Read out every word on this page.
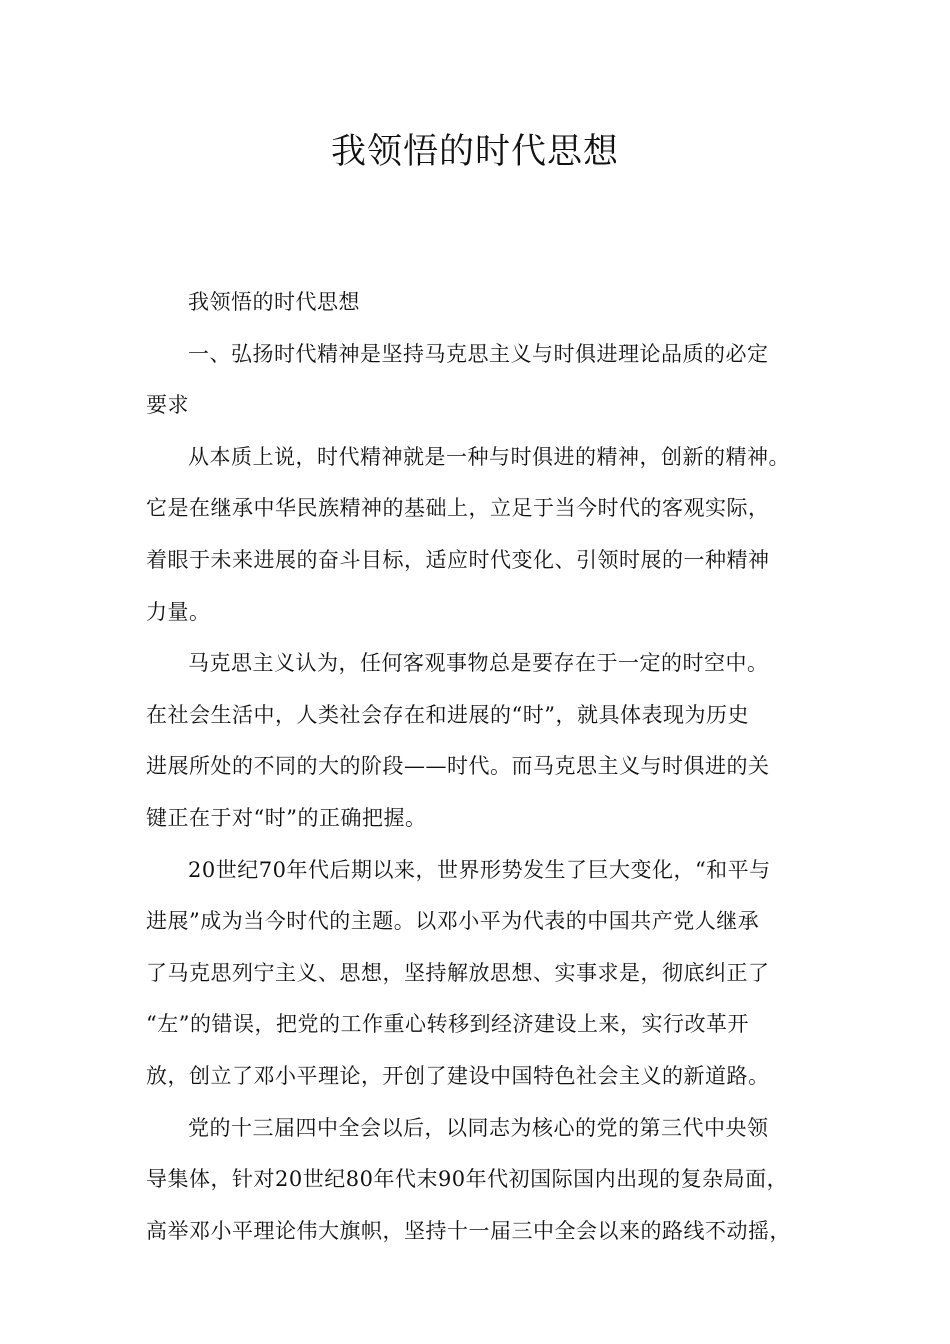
我领悟的时代思想

我领悟的时代思想

一、弘扬时代精神是坚持马克思主义与时俱进理论品质的必定
要求

从本质上说，时代精神就是一种与时俱进的精神，创新的精神。
它是在继承中华民族精神的基础上，立足于当今时代的客观实际，
着眼于未来进展的奋斗目标，适应时代变化、引领时展的一种精神
力量。

马克思主义认为，任何客观事物总是要存在于一定的时空中。
在社会生活中，人类社会存在和进展的“时”，就具体表现为历史
进展所处的不同的大的阶段——时代。而马克思主义与时俱进的关
键正在于对“时”的正确把握。

20世纪70年代后期以来，世界形势发生了巨大变化，“和平与
进展”成为当今时代的主题。以邓小平为代表的中国共产党人继承
了马克思列宁主义、思想，坚持解放思想、实事求是，彻底纠正了
“左”的错误，把党的工作重心转移到经济建设上来，实行改革开
放，创立了邓小平理论，开创了建设中国特色社会主义的新道路。

党的十三届四中全会以后，以同志为核心的党的第三代中央领
导集体，针对20世纪80年代末90年代初国际国内出现的复杂局面，
高举邓小平理论伟大旗帜，坚持十一届三中全会以来的路线不动摇，
